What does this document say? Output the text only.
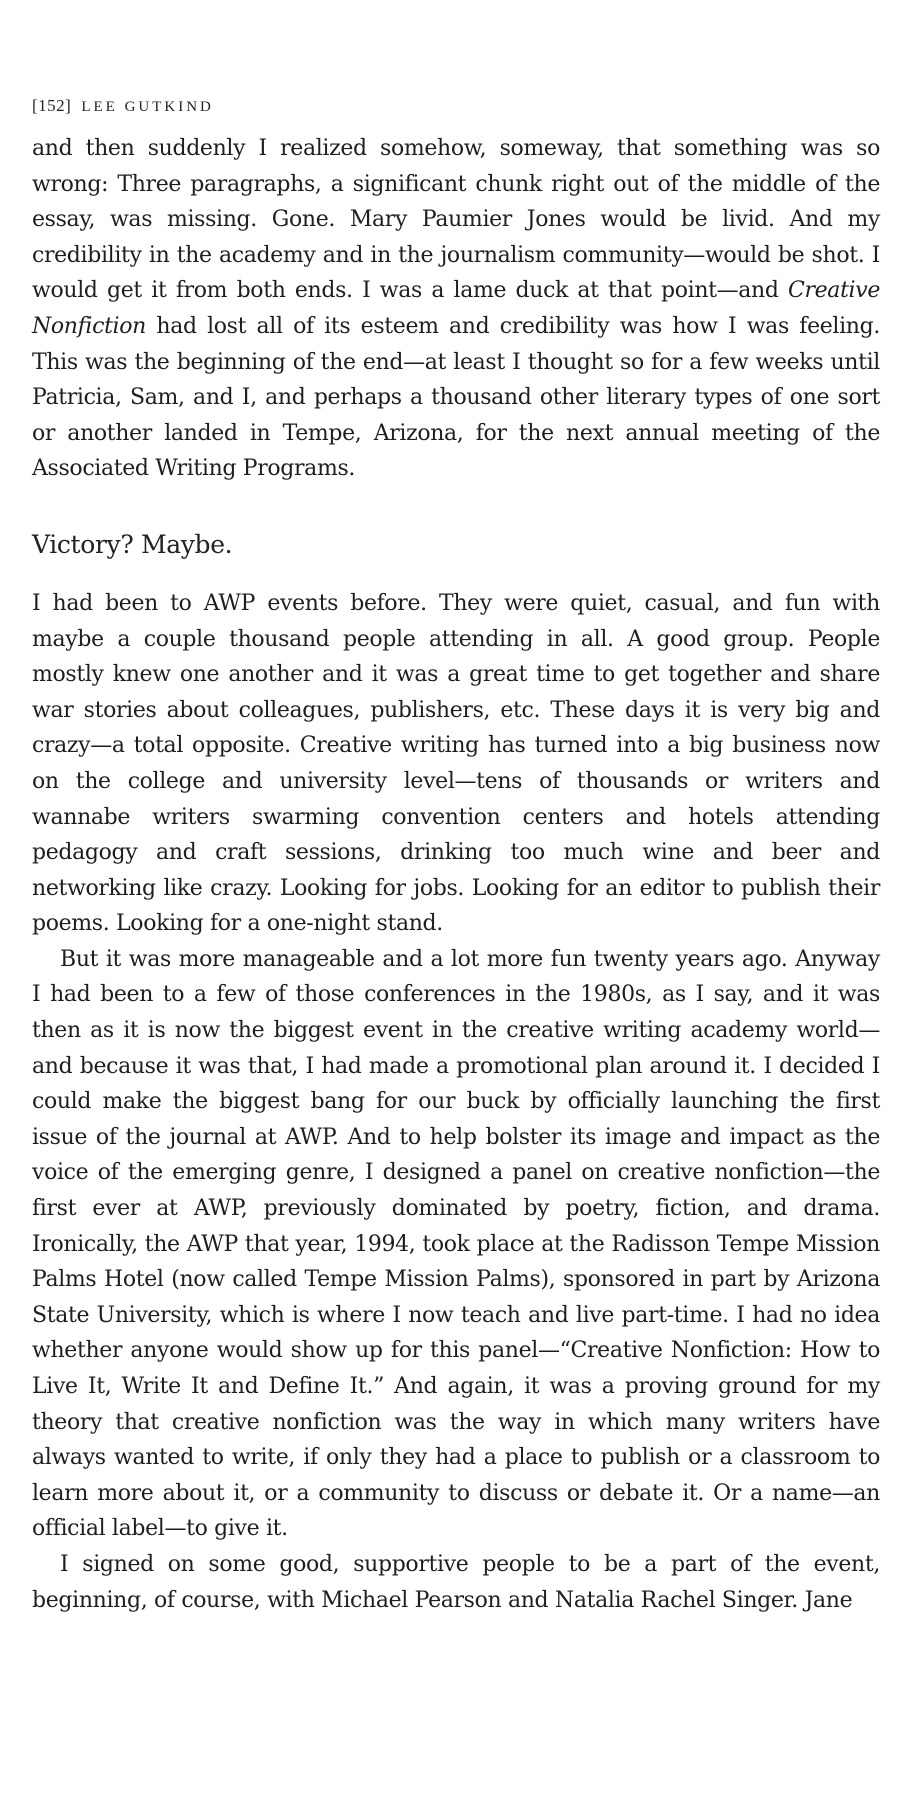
[152] LEE GUTKIND

and then suddenly I realized somehow, someway, that something was so wrong: Three paragraphs, a significant chunk right out of the middle of the essay, was missing. Gone. Mary Paumier Jones would be livid. And my credibility in the academy and in the journalism community—would be shot. I would get it from both ends. I was a lame duck at that point—and Creative Nonfiction had lost all of its esteem and credibility was how I was feeling. This was the beginning of the end—at least I thought so for a few weeks until Patricia, Sam, and I, and perhaps a thousand other literary types of one sort or another landed in Tempe, Arizona, for the next annual meeting of the Associated Writing Programs.

Victory? Maybe.

I had been to AWP events before. They were quiet, casual, and fun with maybe a couple thousand people attending in all. A good group. People mostly knew one another and it was a great time to get together and share war stories about colleagues, publishers, etc. These days it is very big and crazy—a total opposite. Creative writing has turned into a big business now on the college and university level—tens of thousands or writers and wannabe writers swarming convention centers and hotels attending pedagogy and craft sessions, drinking too much wine and beer and networking like crazy. Looking for jobs. Looking for an editor to publish their poems. Looking for a one-night stand.

But it was more manageable and a lot more fun twenty years ago. Anyway I had been to a few of those conferences in the 1980s, as I say, and it was then as it is now the biggest event in the creative writing academy world—and because it was that, I had made a promotional plan around it. I decided I could make the biggest bang for our buck by officially launching the first issue of the journal at AWP. And to help bolster its image and impact as the voice of the emerging genre, I designed a panel on creative nonfiction—the first ever at AWP, previously dominated by poetry, fiction, and drama. Ironically, the AWP that year, 1994, took place at the Radisson Tempe Mission Palms Hotel (now called Tempe Mission Palms), sponsored in part by Arizona State University, which is where I now teach and live part-time. I had no idea whether anyone would show up for this panel—“Creative Nonfiction: How to Live It, Write It and Define It.” And again, it was a proving ground for my theory that creative nonfiction was the way in which many writers have always wanted to write, if only they had a place to publish or a classroom to learn more about it, or a community to discuss or debate it. Or a name—an official label—to give it.

I signed on some good, supportive people to be a part of the event, beginning, of course, with Michael Pearson and Natalia Rachel Singer. Jane
